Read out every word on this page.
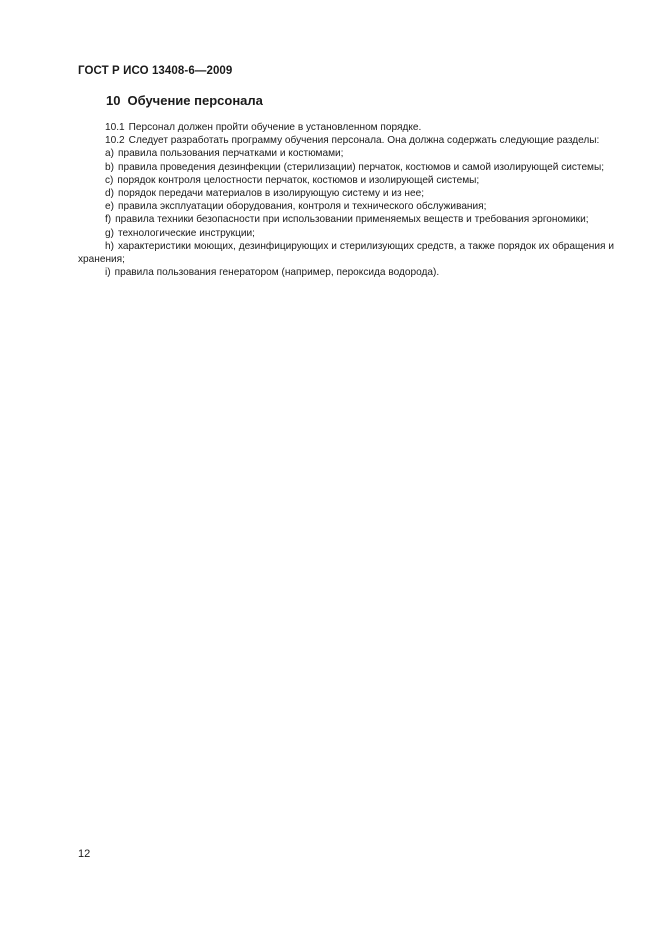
ГОСТ Р ИСО 13408-6—2009
10 Обучение персонала

10.1 Персонал должен пройти обучение в установленном порядке.

10.2 Следует разработать программу обучения персонала. Она должна содержать следующие разделы:

a) правила пользования перчатками и костюмами;

b) правила проведения дезинфекции (стерилизации) перчаток, костюмов и самой изолирующей системы;

c) порядок контроля целостности перчаток, костюмов и изолирующей системы;

d) порядок передачи материалов в изолирующую систему и из нее;

e) правила эксплуатации оборудования, контроля и технического обслуживания;

f) правила техники безопасности при использовании применяемых веществ и требования эргономики;

g) технологические инструкции;

h) характеристики моющих, дезинфицирующих и стерилизующих средств, а также порядок их обращения и хранения;

i) правила пользования генератором (например, пероксида водорода).

12
